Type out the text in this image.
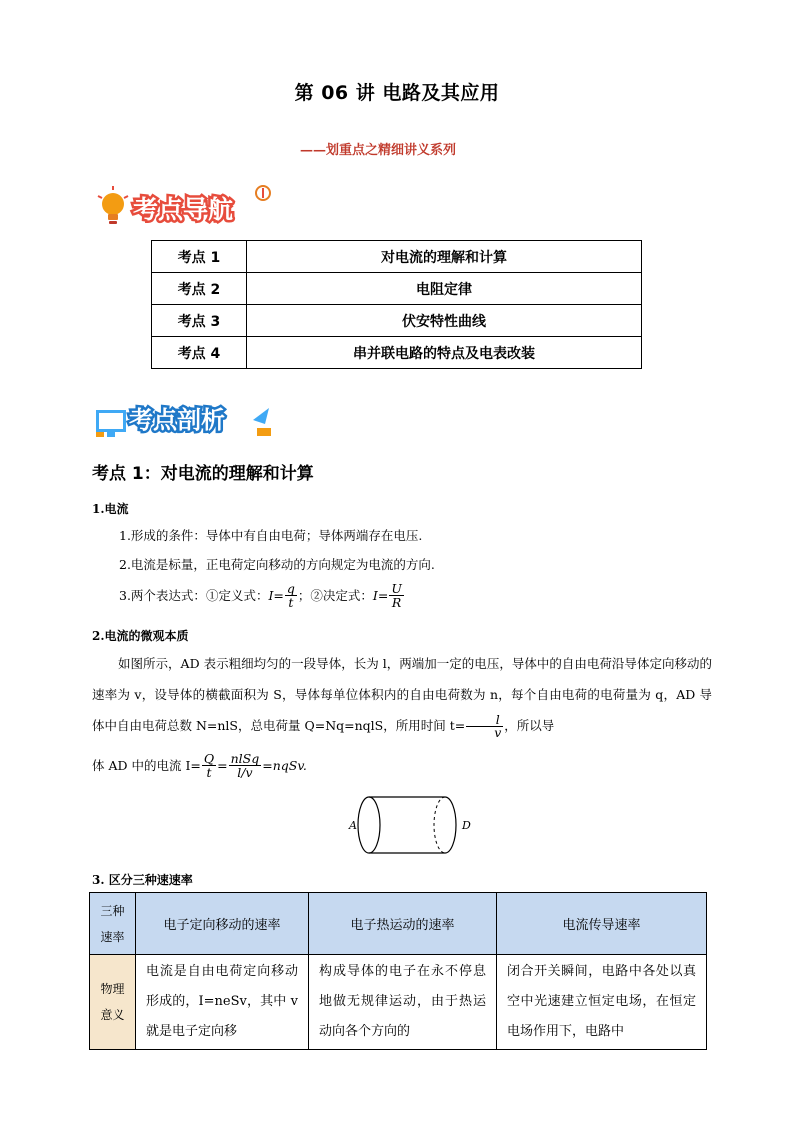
第 06 讲 电路及其应用
——划重点之精细讲义系列
考点导航
考点 1	对电流的理解和计算
考点 2	电阻定律
考点 3	伏安特性曲线
考点 4	串并联电路的特点及电表改装
考点剖析
考点 1：对电流的理解和计算
1.电流
1.形成的条件：导体中有自由电荷；导体两端存在电压.
2.电流是标量，正电荷定向移动的方向规定为电流的方向.
3.两个表达式： ①定义式： $I= \frac{q}{t}$ ； ②决定式： $I= \frac{U}{R}$
2.电流的微观本质
如图所示，AD 表示粗细均匀的一段导体，长为 l，两端加一定的电压，导体中的自由电荷沿导体定向移动的速率为 v，设导体的横截面积为 S，导体每单位体积内的自由电荷数为 n，每个自由电荷的电荷量为 q，AD 导体中自由电荷总数 N=nlS，总电荷量 Q=Nq=nqlS，所用时间 $t= \frac{l}{v}$ ，所以导
体 AD 中的电流 $I= \frac{Q}{t} = \frac{\text{nlSq}}{l/v}$ =nqSv.
A	D
3. 区分三种速速率
三种
速率	电子定向移动的速率	电子热运动的速率	电流传导速率
物理
意义	电流是自由电荷定向移动形成的，I=neSv，其中 v 就是电子定向移	构成导体的电子在永不停息地做无规律运动，由于热运动向各个方向的	闭合开关瞬间，电路中各处以真空中光速建立恒定电场，在恒定电场作用下，电路中
